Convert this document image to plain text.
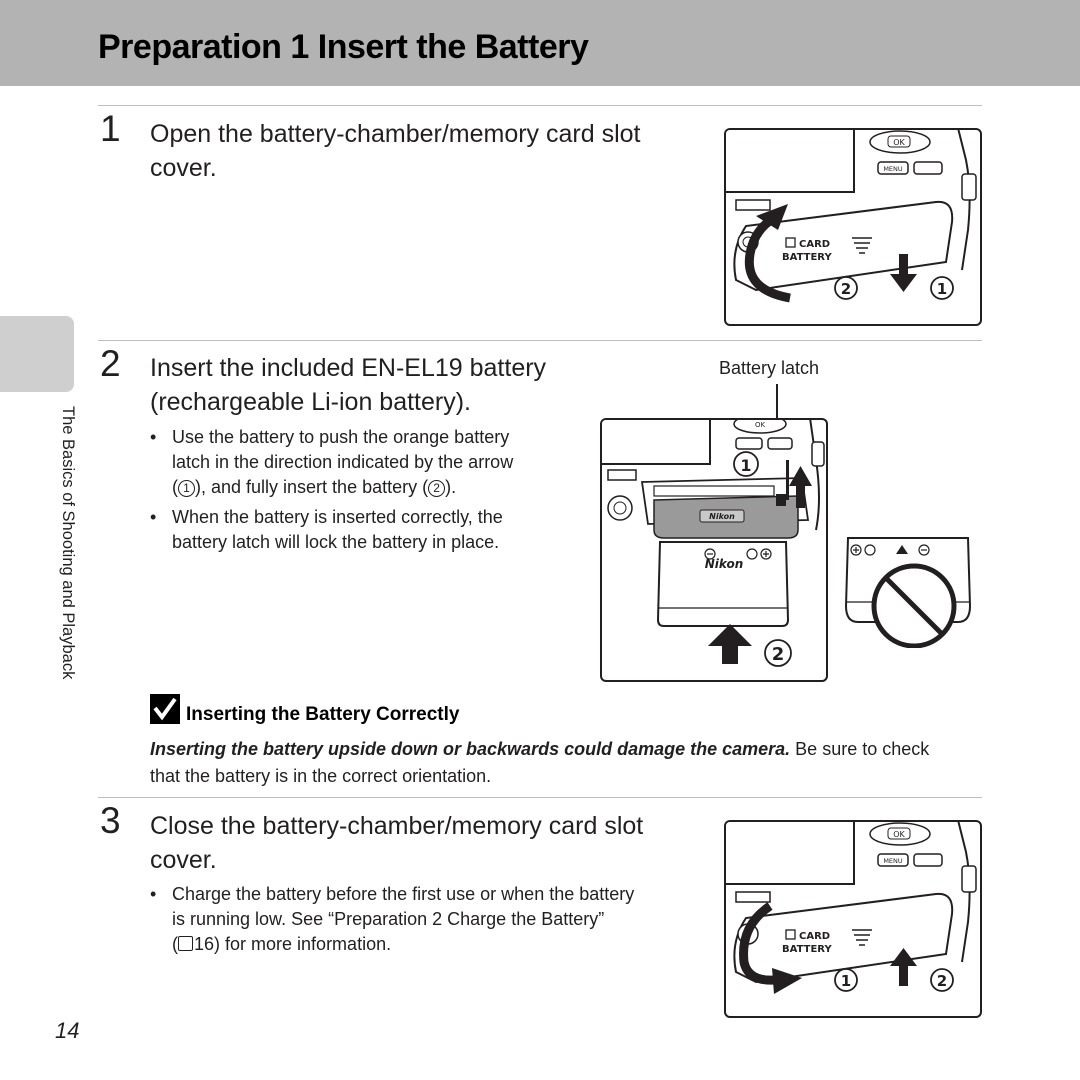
Preparation 1 Insert the Battery
The Basics of Shooting and Playback
1 Open the battery-chamber/memory card slot
cover.
OK
MENU
CARD
BATTERY
2	1
2 Insert the included EN-EL19 battery
(rechargeable Li-ion battery).
• Use the battery to push the orange battery
latch in the direction indicated by the arrow
( 1 ), and fully insert the battery ( 2 ).
• When the battery is inserted correctly, the
battery latch will lock the battery in place.
Battery latch
OK
Nikon
1
Nikon
2
Inserting the Battery Correctly
Inserting the battery upside down or backwards could damage the camera. Be sure to check that the battery is in the correct orientation.
3 Close the battery-chamber/memory card slot
cover.
• Charge the battery before the first use or when the battery
is running low. See “Preparation 2 Charge the Battery”
( 16) for more information.
OK
MENU
CARD
BATTERY
1	2
14
